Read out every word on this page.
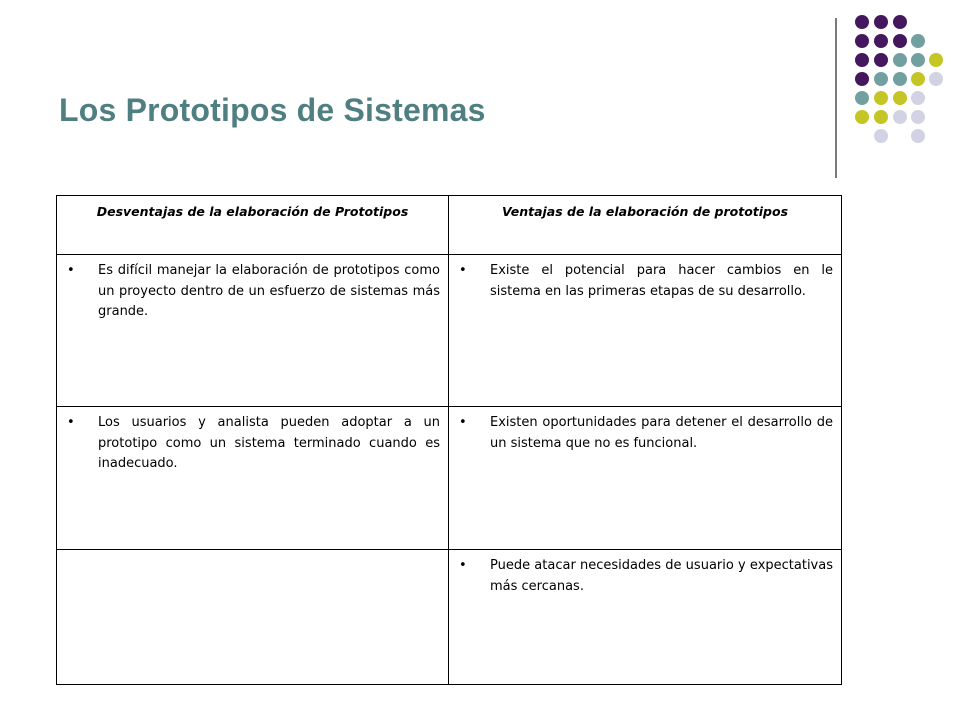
Los Prototipos de Sistemas
Desventajas de la elaboración de Prototipos	Ventajas de la elaboración de prototipos

• Es difícil manejar la elaboración de prototipos como un proyecto dentro de un esfuerzo de sistemas más grande.	• Existe el potencial para hacer cambios en le sistema en las primeras etapas de su desarrollo.

• Los usuarios y analista pueden adoptar a un prototipo como un sistema terminado cuando es inadecuado.	• Existen oportunidades para detener el desarrollo de un sistema que no es funcional.

	• Puede atacar necesidades de usuario y expectativas más cercanas.
